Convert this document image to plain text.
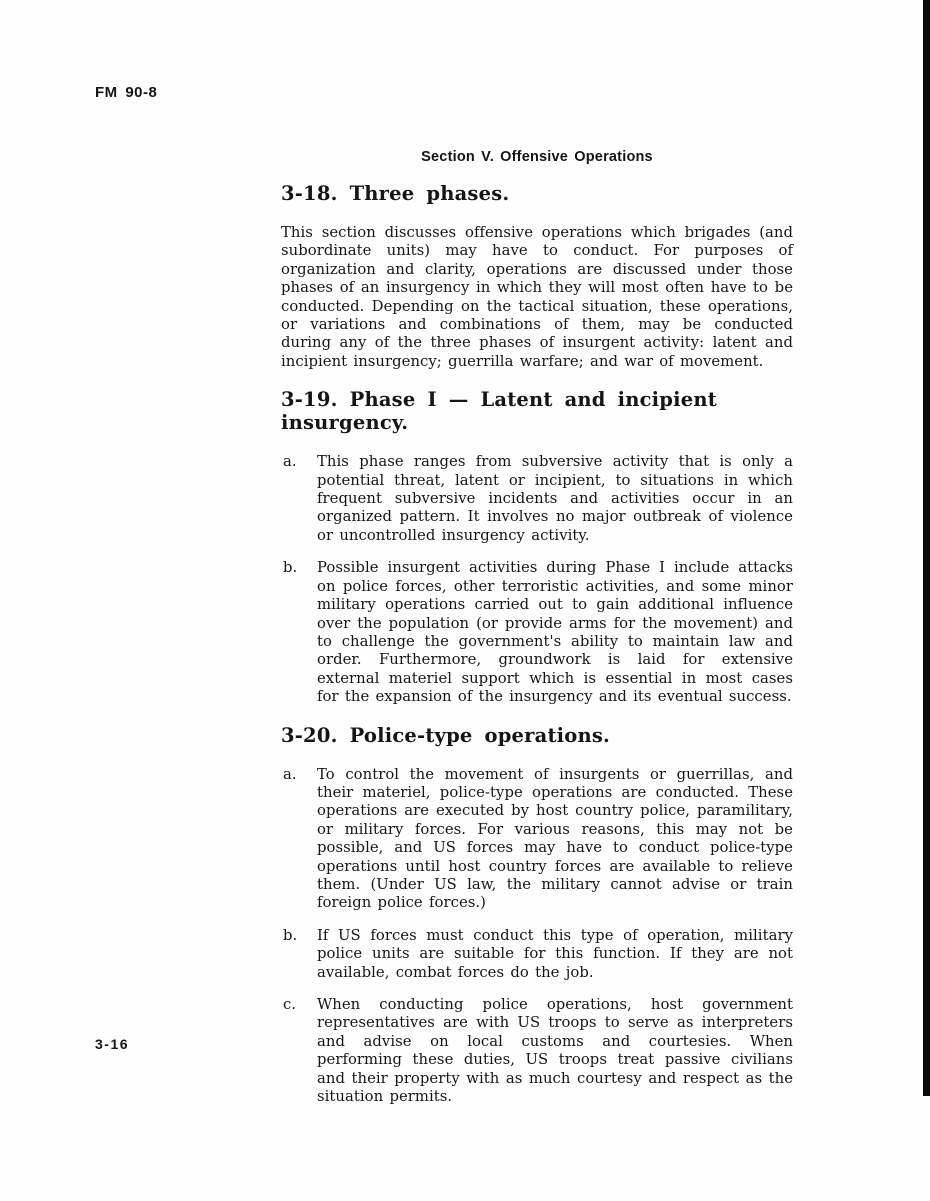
FM 90-8
Section V. Offensive Operations
3-18. Three phases.

This section discusses offensive operations which brigades (and subordinate units) may have to conduct. For purposes of organization and clarity, operations are discussed under those phases of an insurgency in which they will most often have to be conducted. Depending on the tactical situation, these operations, or variations and combinations of them, may be conducted during any of the three phases of insurgent activity: latent and incipient insurgency; guerrilla warfare; and war of movement.

3-19. Phase I — Latent and incipient insurgency.
a.	This phase ranges from subversive activity that is only a potential threat, latent or incipient, to situations in which frequent subversive incidents and activities occur in an organized pattern. It involves no major outbreak of violence or uncontrolled insurgency activity.
b.	Possible insurgent activities during Phase I include attacks on police forces, other terroristic activities, and some minor military operations carried out to gain additional influence over the population (or provide arms for the movement) and to challenge the government's ability to maintain law and order. Furthermore, groundwork is laid for extensive external materiel support which is essential in most cases for the expansion of the insurgency and its eventual success.
3-20. Police-type operations.
a.	To control the movement of insurgents or guerrillas, and their materiel, police-type operations are conducted. These operations are executed by host country police, paramilitary, or military forces. For various reasons, this may not be possible, and US forces may have to conduct police-type operations until host country forces are available to relieve them. (Under US law, the military cannot advise or train foreign police forces.)
b.	If US forces must conduct this type of operation, military police units are suitable for this function. If they are not available, combat forces do the job.
c.	When conducting police operations, host government representatives are with US troops to serve as interpreters and advise on local customs and courtesies. When performing these duties, US troops treat passive civilians and their property with as much courtesy and respect as the situation permits.
3-16
